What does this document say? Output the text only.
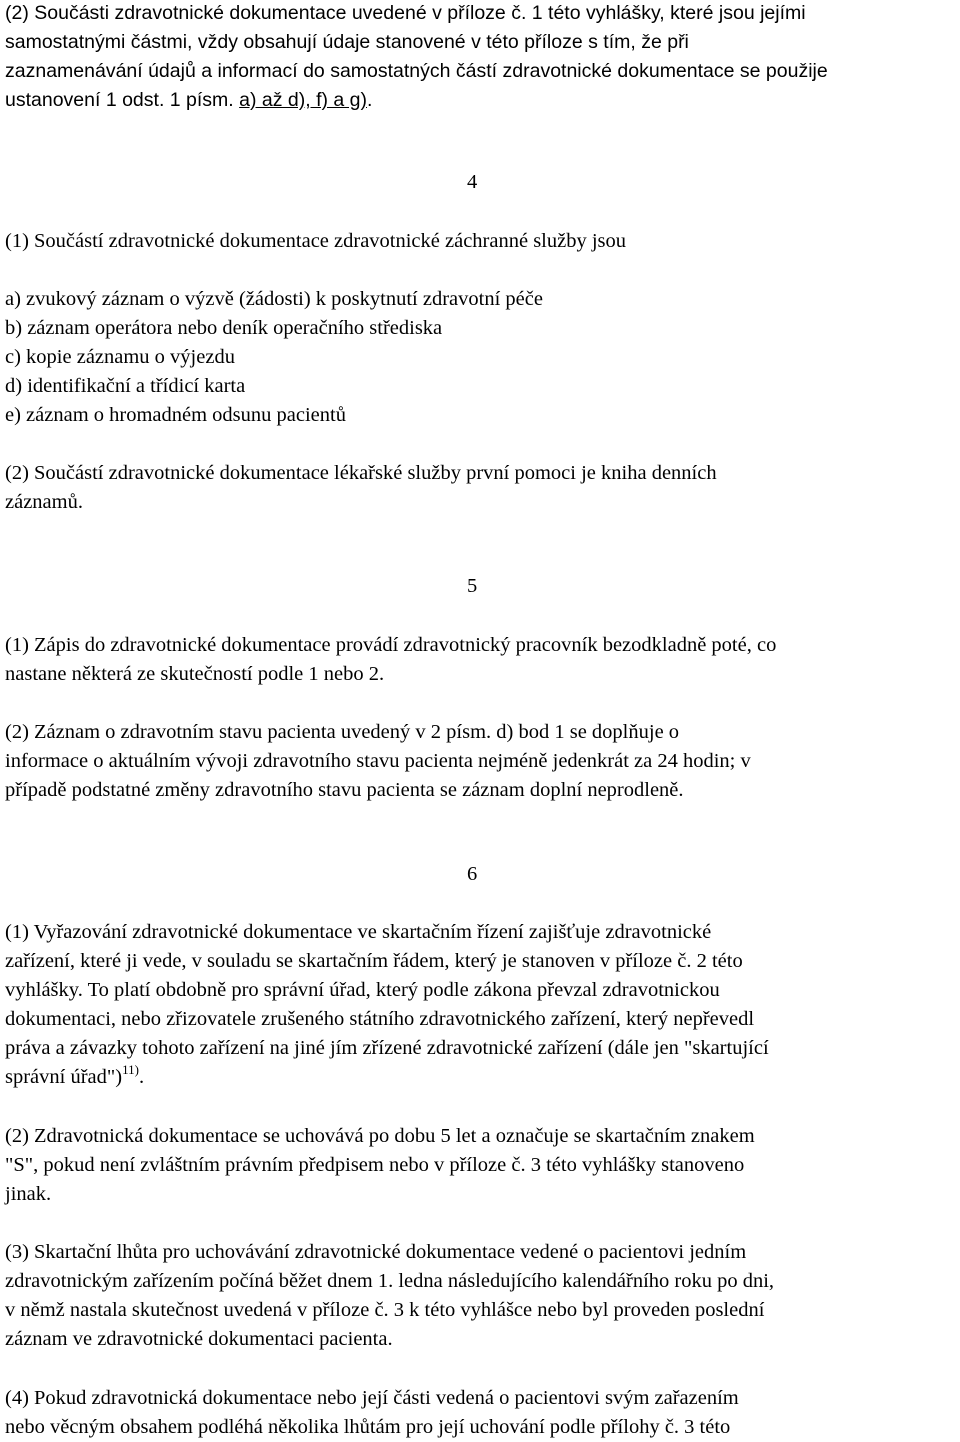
(2) Součásti zdravotnické dokumentace uvedené v příloze č. 1 této vyhlášky, které jsou jejími
samostatnými částmi, vždy obsahují údaje stanovené v této příloze s tím, že při
zaznamenávání údajů a informací do samostatných částí zdravotnické dokumentace se použije
ustanovení 1 odst. 1 písm. a) až d), f) a g).
4
(1) Součástí zdravotnické dokumentace zdravotnické záchranné služby jsou
a) zvukový záznam o výzvě (žádosti) k poskytnutí zdravotní péče
b) záznam operátora nebo deník operačního střediska
c) kopie záznamu o výjezdu
d) identifikační a třídicí karta
e) záznam o hromadném odsunu pacientů
(2) Součástí zdravotnické dokumentace lékařské služby první pomoci je kniha denních
záznamů.
5
(1) Zápis do zdravotnické dokumentace provádí zdravotnický pracovník bezodkladně poté, co
nastane některá ze skutečností podle 1 nebo 2.
(2) Záznam o zdravotním stavu pacienta uvedený v 2 písm. d) bod 1 se doplňuje o
informace o aktuálním vývoji zdravotního stavu pacienta nejméně jedenkrát za 24 hodin; v
případě podstatné změny zdravotního stavu pacienta se záznam doplní neprodleně.
6
(1) Vyřazování zdravotnické dokumentace ve skartačním řízení zajišťuje zdravotnické
zařízení, které ji vede, v souladu se skartačním řádem, který je stanoven v příloze č. 2 této
vyhlášky. To platí obdobně pro správní úřad, který podle zákona převzal zdravotnickou
dokumentaci, nebo zřizovatele zrušeného státního zdravotnického zařízení, který nepřevedl
práva a závazky tohoto zařízení na jiné jím zřízené zdravotnické zařízení (dále jen "skartující
správní úřad")$^{11)}$.
(2) Zdravotnická dokumentace se uchovává po dobu 5 let a označuje se skartačním znakem
"S", pokud není zvláštním právním předpisem nebo v příloze č. 3 této vyhlášky stanoveno
jinak.
(3) Skartační lhůta pro uchovávání zdravotnické dokumentace vedené o pacientovi jedním
zdravotnickým zařízením počíná běžet dnem 1. ledna následujícího kalendářního roku po dni,
v němž nastala skutečnost uvedená v příloze č. 3 k této vyhlášce nebo byl proveden poslední
záznam ve zdravotnické dokumentaci pacienta.
(4) Pokud zdravotnická dokumentace nebo její části vedená o pacientovi svým zařazením
nebo věcným obsahem podléhá několika lhůtám pro její uchování podle přílohy č. 3 této
